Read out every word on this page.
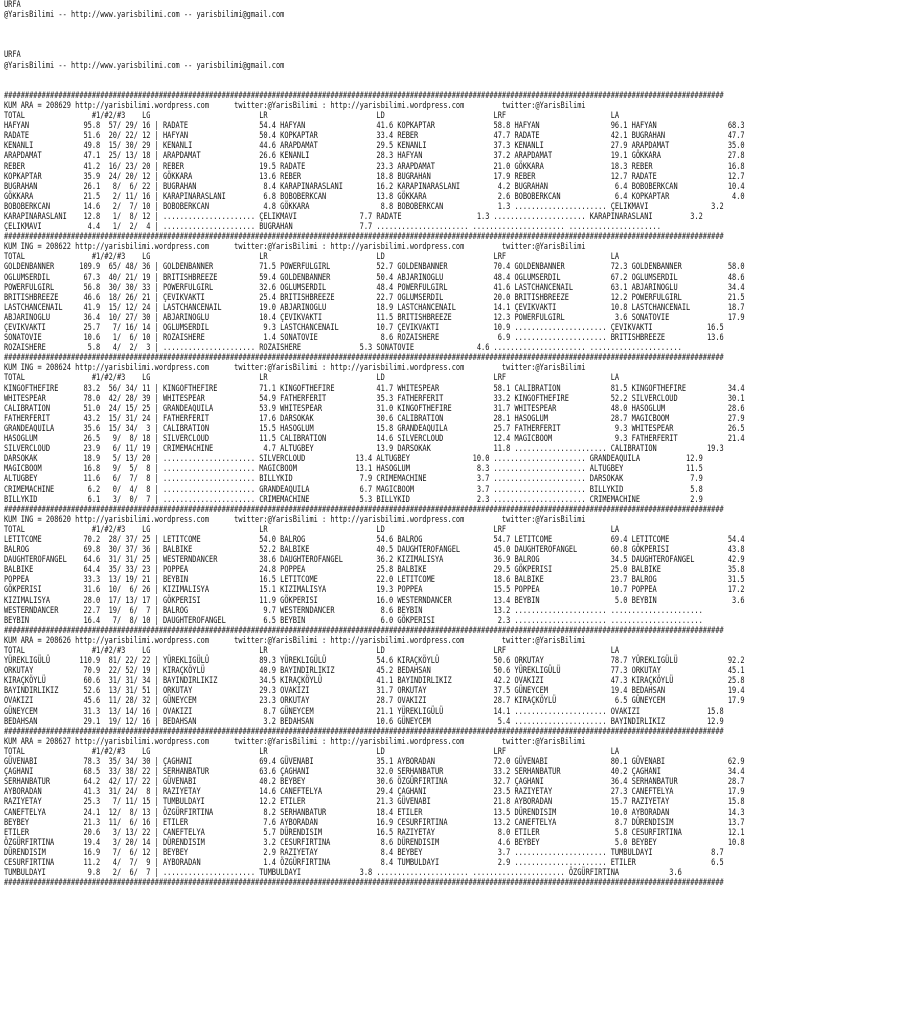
URFA
@YarisBilimi -- http://www.yarisbilimi.com -- yarisbilimi@gmail.com
URFA
@YarisBilimi -- http://www.yarisbilimi.com -- yarisbilimi@gmail.com
############################################################################################################################################################################
KUM ARA = 208629 http://yarisbilimi.wordpress.com      twitter:@YarisBilimi : http://yarisbilimi.wordpress.com         twitter:@YarisBilimi
TOTAL                #1/#2/#3    LG                          LR                          LD                          LRF                         LA
HAFYAN             95.8  57/ 29/ 16 | RADATE                 54.4 HAFYAN                 41.6 KOPKAPTAR              58.8 HAFYAN                 96.1 HAFYAN                 68.3
RADATE             51.6  20/ 22/ 12 | HAFYAN                 50.4 KOPKAPTAR              33.4 REBER                  47.7 RADATE                 42.1 BUGRAHAN               47.7
KENANLI            49.8  15/ 30/ 29 | KENANLI                44.6 ARAPDAMAT              29.5 KENANLI                37.3 KENANLI                27.9 ARAPDAMAT              35.0
ARAPDAMAT          47.1  25/ 13/ 18 | ARAPDAMAT              26.6 KENANLI                28.3 HAFYAN                 37.2 ARAPDAMAT              19.1 GÖKKARA                27.8
REBER              41.2  16/ 23/ 20 | REBER                  19.5 RADATE                 23.3 ARAPDAMAT              21.0 GÖKKARA                18.3 REBER                  16.8
KOPKAPTAR          35.9  24/ 20/ 12 | GÖKKARA                13.6 REBER                  18.8 BUGRAHAN               17.9 REBER                  12.7 RADATE                 12.7
BUGRAHAN           26.1   8/  6/ 22 | BUGRAHAN                8.4 KARAPINARASLANI        16.2 KARAPINARASLANI         4.2 BUGRAHAN                6.4 BOBOBERKCAN            10.4
GÖKKARA            21.5   2/ 11/ 16 | KARAPINARASLANI         6.8 BOBOBERKCAN            13.8 GÖKKARA                 2.6 BOBOBERKCAN             6.4 KOPKAPTAR               4.0
BOBOBERKCAN        14.6   2/  7/ 10 | BOBOBERKCAN             4.8 GÖKKARA                 8.8 BOBOBERKCAN             1.3 ...................... ÇELIKMAVI               3.2
KARAPINARASLANI    12.8   1/  8/ 12 | ...................... ÇELIKMAVI               7.7 RADATE                  1.3 ...................... KARAPINARASLANI         3.2
ÇELIKMAVI           4.4   1/  2/  4 | ...................... BUGRAHAN                7.7 ...................... ...................... ......................
############################################################################################################################################################################
KUM ING = 208622 http://yarisbilimi.wordpress.com      twitter:@YarisBilimi : http://yarisbilimi.wordpress.com         twitter:@YarisBilimi
TOTAL                #1/#2/#3    LG                          LR                          LD                          LRF                         LA
GOLDENBANNER      109.9  65/ 48/ 36 | GOLDENBANNER           71.5 POWERFULGIRL           52.7 GOLDENBANNER           70.4 GOLDENBANNER           72.3 GOLDENBANNER           58.0
OGLUMSERDIL        67.3  40/ 21/ 19 | BRITISHBREEZE          59.4 GOLDENBANNER           50.4 ABJARINOGLU            48.4 OGLUMSERDIL            67.2 OGLUMSERDIL            48.6
POWERFULGIRL       56.8  30/ 30/ 33 | POWERFULGIRL           32.6 OGLUMSERDIL            48.4 POWERFULGIRL           41.6 LASTCHANCENAIL         63.1 ABJARINOGLU            34.4
BRITISHBREEZE      46.6  18/ 26/ 21 | ÇEVIKVAKTI             25.4 BRITISHBREEZE          22.7 OGLUMSERDIL            20.0 BRITISHBREEZE          12.2 POWERFULGIRL           21.5
LASTCHANCENAIL     41.9  15/ 12/ 24 | LASTCHANCENAIL         19.0 ABJARINOGLU            18.9 LASTCHANCENAIL         14.1 ÇEVIKVAKTI             10.8 LASTCHANCENAIL         18.7
ABJARINOGLU        36.4  10/ 27/ 30 | ABJARINOGLU            10.4 ÇEVIKVAKTI             11.5 BRITISHBREEZE          12.3 POWERFULGIRL            3.6 SONATOVIE              17.9
ÇEVIKVAKTI         25.7   7/ 16/ 14 | OGLUMSERDIL             9.3 LASTCHANCENAIL         10.7 ÇEVIKVAKTI             10.9 ...................... ÇEVIKVAKTI             16.5
SONATOVIE          10.6   1/  6/ 10 | ROZAISHERE              1.4 SONATOVIE               8.6 ROZAISHERE              6.9 ...................... BRITISHBREEZE          13.6
ROZAISHERE          5.8   4/  2/  3 | ...................... ROZAISHERE              5.3 SONATOVIE               4.6 ...................... ......................
############################################################################################################################################################################
KUM ING = 208624 http://yarisbilimi.wordpress.com      twitter:@YarisBilimi : http://yarisbilimi.wordpress.com         twitter:@YarisBilimi
TOTAL                #1/#2/#3    LG                          LR                          LD                          LRF                         LA
KINGOFTHEFIRE      83.2  56/ 34/ 11 | KINGOFTHEFIRE          71.1 KINGOFTHEFIRE          41.7 WHITESPEAR             58.1 CALIBRATION            81.5 KINGOFTHEFIRE          34.4
WHITESPEAR         78.0  42/ 28/ 39 | WHITESPEAR             54.9 FATHERFERIT            35.3 FATHERFERIT            33.2 KINGOFTHEFIRE          52.2 SILVERCLOUD            30.1
CALIBRATION        51.0  24/ 15/ 25 | GRANDEAQUILA           53.9 WHITESPEAR             31.0 KINGOFTHEFIRE          31.7 WHITESPEAR             48.0 HASOGLUM               28.6
FATHERFERIT        43.2  15/ 31/ 24 | FATHERFERIT            17.6 DARSOKAK               30.6 CALIBRATION            28.1 HASOGLUM               28.7 MAGICBOOM              27.9
GRANDEAQUILA       35.6  15/ 34/  3 | CALIBRATION            15.5 HASOGLUM               15.8 GRANDEAQUILA           25.7 FATHERFERIT             9.3 WHITESPEAR             26.5
HASOGLUM           26.5   9/  8/ 18 | SILVERCLOUD            11.5 CALIBRATION            14.6 SILVERCLOUD            12.4 MAGICBOOM               9.3 FATHERFERIT            21.4
SILVERCLOUD        23.9   6/ 11/ 19 | CRIMEMACHINE            4.7 ALTUGBEY               13.9 DARSOKAK               11.8 ...................... CALIBRATION            19.3
DARSOKAK           18.9   5/ 13/ 20 | ...................... SILVERCLOUD            13.4 ALTUGBEY               10.0 ...................... GRANDEAQUILA           12.9
MAGICBOOM          16.8   9/  5/  8 | ...................... MAGICBOOM              13.1 HASOGLUM                8.3 ...................... ALTUGBEY               11.5
ALTUGBEY           11.6   6/  7/  8 | ...................... BILLYKID                7.9 CRIMEMACHINE            3.7 ...................... DARSOKAK                7.9
CRIMEMACHINE        6.2   0/  4/  8 | ...................... GRANDEAQUILA            6.7 MAGICBOOM               3.7 ...................... BILLYKID                5.8
BILLYKID            6.1   3/  0/  7 | ...................... CRIMEMACHINE            5.3 BILLYKID                2.3 ...................... CRIMEMACHINE            2.9
############################################################################################################################################################################
KUM ING = 208620 http://yarisbilimi.wordpress.com      twitter:@YarisBilimi : http://yarisbilimi.wordpress.com         twitter:@YarisBilimi
TOTAL                #1/#2/#3    LG                          LR                          LD                          LRF                         LA
LETITCOME          70.2  28/ 37/ 25 | LETITCOME              54.0 BALROG                 54.6 BALROG                 54.7 LETITCOME              69.4 LETITCOME              54.4
BALROG             69.8  30/ 37/ 36 | BALBIKE                52.2 BALBIKE                40.5 DAUGHTEROFANGEL        45.0 DAUGHTEROFANGEL        60.8 GÖKPERISI              43.8
DAUGHTEROFANGEL    64.6  31/ 31/ 25 | WESTERNDANCER          38.6 DAUGHTEROFANGEL        36.2 KIZIMALISYA            36.9 BALROG                 34.5 DAUGHTEROFANGEL        42.9
BALBIKE            64.4  35/ 33/ 23 | POPPEA                 24.8 POPPEA                 25.8 BALBIKE                29.5 GÖKPERISI              25.0 BALBIKE                35.8
POPPEA             33.3  13/ 19/ 21 | BEYBIN                 16.5 LETITCOME              22.0 LETITCOME              18.6 BALBIKE                23.7 BALROG                 31.5
GÖKPERISI          31.6  10/  6/ 26 | KIZIMALISYA            15.1 KIZIMALISYA            19.3 POPPEA                 15.5 POPPEA                 10.7 POPPEA                 17.2
KIZIMALISYA        28.0  17/ 13/ 17 | GÖKPERISI              11.9 GÖKPERISI              16.0 WESTERNDANCER          13.4 BEYBIN                  5.0 BEYBIN                  3.6
WESTERNDANCER      22.7  19/  6/  7 | BALROG                  9.7 WESTERNDANCER           8.6 BEYBIN                 13.2 ...................... ......................
BEYBIN             16.4   7/  8/ 10 | DAUGHTEROFANGEL         6.5 BEYBIN                  6.0 GÖKPERISI               2.3 ...................... ......................
############################################################################################################################################################################
KUM ARA = 208626 http://yarisbilimi.wordpress.com      twitter:@YarisBilimi : http://yarisbilimi.wordpress.com         twitter:@YarisBilimi
TOTAL                #1/#2/#3    LG                          LR                          LD                          LRF                         LA
YÜREKLIGÜLÜ       110.9  81/ 22/ 22 | YÜREKLIGÜLÜ            89.3 YÜREKLIGÜLÜ            54.6 KIRAÇKÖYLÜ             50.6 ORKUTAY                78.7 YÜREKLIGÜLÜ            92.2
ORKUTAY            70.9  22/ 52/ 19 | KIRAÇKÖYLÜ             40.9 BAYINDIRLIKIZ          45.2 BEDAHSAN               50.6 YÜREKLIGÜLÜ            77.3 ORKUTAY                45.1
KIRAÇKÖYLÜ         60.6  31/ 31/ 34 | BAYINDIRLIKIZ          34.5 KIRAÇKÖYLÜ             41.1 BAYINDIRLIKIZ          42.2 OVAKIZI                47.3 KIRAÇKÖYLÜ             25.8
BAYINDIRLIKIZ      52.6  13/ 31/ 51 | ORKUTAY                29.3 OVAKIZI                31.7 ORKUTAY                37.5 GÜNEYCEM               19.4 BEDAHSAN               19.4
OVAKIZI            45.6  11/ 28/ 32 | GÜNEYCEM               23.3 ORKUTAY                28.7 OVAKIZI                28.7 KIRAÇKÖYLÜ              6.5 GÜNEYCEM               17.9
GÜNEYCEM           31.3  13/ 14/ 16 | OVAKIZI                 8.7 GÜNEYCEM               21.1 YÜREKLIGÜLÜ            14.1 ...................... OVAKIZI                15.8
BEDAHSAN           29.1  19/ 12/ 16 | BEDAHSAN                3.2 BEDAHSAN               10.6 GÜNEYCEM                5.4 ...................... BAYINDIRLIKIZ          12.9
############################################################################################################################################################################
KUM ARA = 208627 http://yarisbilimi.wordpress.com      twitter:@YarisBilimi : http://yarisbilimi.wordpress.com         twitter:@YarisBilimi
TOTAL                #1/#2/#3    LG                          LR                          LD                          LRF                         LA
GÜVENABI           78.3  35/ 34/ 30 | ÇAGHANI                69.4 GÜVENABI               35.1 AYBORADAN              72.0 GÜVENABI               80.1 GÜVENABI               62.9
ÇAGHANI            68.5  33/ 38/ 22 | SERHANBATUR            63.6 ÇAGHANI                32.0 SERHANBATUR            33.2 SERHANBATUR            40.2 ÇAGHANI                34.4
SERHANBATUR        64.2  42/ 17/ 22 | GÜVENABI               40.2 BEYBEY                 30.6 ÖZGÜRFIRTINA           32.7 ÇAGHANI                36.4 SERHANBATUR            28.7
AYBORADAN          41.3  31/ 24/  8 | RAZIYETAY              14.6 CANEFTELYA             29.4 ÇAGHANI                23.5 RAZIYETAY              27.3 CANEFTELYA             17.9
RAZIYETAY          25.3   7/ 11/ 15 | TUMBULDAYI             12.2 ETILER                 21.3 GÜVENABI               21.8 AYBORADAN              15.7 RAZIYETAY              15.8
CANEFTELYA         24.1  12/  8/ 13 | ÖZGÜRFIRTINA            8.2 SERHANBATUR            18.4 ETILER                 13.5 DÜRENDISIM             10.0 AYBORADAN              14.3
BEYBEY             21.3  11/  6/ 16 | ETILER                  7.6 AYBORADAN              16.9 CESURFIRTINA           13.2 CANEFTELYA              8.7 DÜRENDISIM             13.7
ETILER             20.6   3/ 13/ 22 | CANEFTELYA              5.7 DÜRENDISIM             16.5 RAZIYETAY               8.0 ETILER                  5.8 CESURFIRTINA           12.1
ÖZGÜRFIRTINA       19.4   3/ 20/ 14 | DÜRENDISIM              3.2 CESURFIRTINA            8.6 DÜRENDISIM              4.6 BEYBEY                  5.0 BEYBEY                 10.8
DÜRENDISIM         16.9   7/  6/ 12 | BEYBEY                  2.9 RAZIYETAY               8.4 BEYBEY                  3.7 ...................... TUMBULDAYI              8.7
CESURFIRTINA       11.2   4/  7/  9 | AYBORADAN               1.4 ÖZGÜRFIRTINA            8.4 TUMBULDAYI              2.9 ...................... ETILER                  6.5
TUMBULDAYI          9.8   2/  6/  7 | ...................... TUMBULDAYI              3.8 ...................... ...................... ÖZGÜRFIRTINA            3.6
############################################################################################################################################################################
